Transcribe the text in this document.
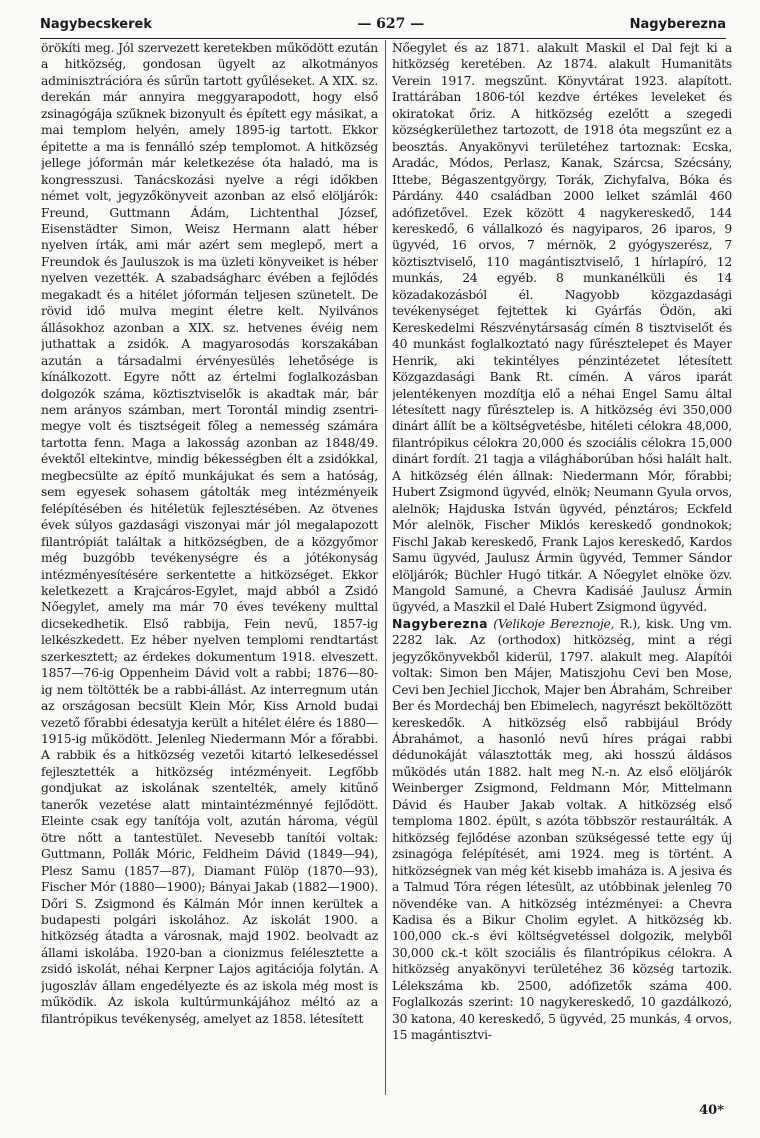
Nagybecskerek	— 627 —	Nagyberezna

örökíti meg. Jól szervezett keretekben működött ezután a hitközség, gondosan ügyelt az alkotmányos adminisztrációra és sűrűn tartott gyűléseket. A XIX. sz. derekán már annyira meggyarapodott, hogy első zsinagógája szűknek bizonyult és épített egy másikat, a mai templom helyén, amely 1895-ig tartott. Ekkor épitette a ma is fennálló szép templomot. A hitközség jellege jóformán már keletkezése óta haladó, ma is kongresszusi. Tanácskozási nyelve a régi időkben német volt, jegyzőkönyveit azonban az első elöljárók: Freund, Guttmann Ádám, Lichtenthal József, Eisenstädter Simon, Weisz Hermann alatt héber nyelven írták, ami már azért sem meglepő, mert a Freundok és Jauluszok is ma üzleti könyveiket is héber nyelven vezették. A szabadságharc évében a fejlődés megakadt és a hitélet jóformán teljesen szünetelt. De rövid idő mulva megint életre kelt. Nyilvános állásokhoz azonban a XIX. sz. hetvenes évéig nem juthattak a zsidók. A magyarosodás korszakában azután a társadalmi érvényesülés lehetősége is kínálkozott. Egyre nőtt az értelmi foglalkozásban dolgozók száma, köztisztviselők is akadtak már, bár nem arányos számban, mert Torontál mindig zsentri-megye volt és tisztségeit főleg a nemesség számára tartotta fenn. Maga a lakosság azonban az 1848/49. évektől eltekintve, mindig békességben élt a zsidókkal, megbecsülte az építő munkájukat és sem a hatóság, sem egyesek sohasem gátolták meg intézményeik felépítésében és hitéletük fejlesztésében. Az ötvenes évek súlyos gazdasági viszonyai már jól megalapozott filantrópiát találtak a hitközségben, de a közgyőmor még buzgóbb tevékenységre és a jótékonyság intézményesítésére serkentette a hitközséget. Ekkor keletkezett a Krajcáros-Egylet, majd abból a Zsidó Nőegylet, amely ma már 70 éves tevékeny multtal dicsekedhetik. Első rabbija, Fein nevű, 1857-ig lelkészkedett. Ez héber nyelven templomi rendtartást szerkesztett; az érdekes dokumentum 1918. elveszett. 1857—76-ig Oppenheim Dávid volt a rabbi; 1876—80-ig nem töltötték be a rabbi-állást. Az interregnum után az országosan becsült Klein Mór, Kiss Arnold budai vezető főrabbi édesatyja került a hitélet élére és 1880—1915-ig működött. Jelenleg Niedermann Mór a főrabbi. A rabbik és a hitközség vezetői kitartó lelkesedéssel fejlesztették a hitközség intézményeit. Legfőbb gondjukat az iskolának szentelték, amely kitűnő tanerők vezetése alatt mintaintézménnyé fejlődött. Eleinte csak egy tanítója volt, azután hároma, végül ötre nőtt a tantestület. Nevesebb tanítói voltak: Guttmann, Pollák Móric, Feldheim Dávid (1849—94), Plesz Samu (1857—87), Diamant Fülöp (1870—93), Fischer Mór (1880—1900); Bányai Jakab (1882—1900). Dőri S. Zsigmond és Kálmán Mór innen kerültek a budapesti polgári iskolához. Az iskolát 1900. a hitközség átadta a városnak, majd 1902. beolvadt az állami iskolába. 1920-ban a cionizmus felélesztette a zsidó iskolát, néhai Kerpner Lajos agitációja folytán. A jugoszláv állam engedélyezte és az iskola még most is működik. Az iskola kultúrmunkájához méltó az a filantrópikus tevékenység, amelyet az 1858. létesített

Nőegylet és az 1871. alakult Maskil el Dal fejt ki a hitközség keretében. Az 1874. alakult Humanitäts Verein 1917. megszűnt. Könyvtárat 1923. alapított. Irattárában 1806-tól kezdve értékes leveleket és okiratokat őriz. A hitközség ezelőtt a szegedi községkerülethez tartozott, de 1918 óta megszűnt ez a beosztás. Anyakönyvi területéhez tartoznak: Ecska, Aradác, Módos, Perlasz, Kanak, Szárcsa, Szécsány, Ittebe, Bégaszentgyörgy, Torák, Zichyfalva, Bóka és Párdány. 440 családban 2000 lelket számlál 460 adófizetővel. Ezek között 4 nagykereskedő, 144 kereskedő, 6 vállalkozó és nagyiparos, 26 iparos, 9 ügyvéd, 16 orvos, 7 mérnök, 2 gyógyszerész, 7 köztisztviselő, 110 magántisztviselő, 1 hírlapíró, 12 munkás, 24 egyéb. 8 munkanélküli és 14 közadakozásból él. Nagyobb közgazdasági tevékenységet fejtettek ki Gyárfás Ödön, aki Kereskedelmi Részvénytársaság címén 8 tisztviselőt és 40 munkást foglalkoztató nagy fűrésztelepet és Mayer Henrik, aki tekintélyes pénzintézetet létesített Közgazdasági Bank Rt. címén. A város iparát jelentékenyen mozdítja elő a néhai Engel Samu által létesített nagy fűrésztelep is. A hitközség évi 350,000 dinárt állít be a költségvetésbe, hitéleti célokra 48,000, filantrópikus célokra 20,000 és szociális célokra 15,000 dinárt fordít. 21 tagja a világháborúban hősi halált halt. A hitközség élén állnak: Niedermann Mór, főrabbi; Hubert Zsigmond ügyvéd, elnök; Neumann Gyula orvos, alelnök; Hajduska István ügyvéd, pénztáros; Eckfeld Mór alelnök, Fischer Miklós kereskedő gondnokok; Fischl Jakab kereskedő, Frank Lajos kereskedő, Kardos Samu ügyvéd, Jaulusz Ármin ügyvéd, Temmer Sándor elöljárók; Büchler Hugó titkár. A Nőegylet elnöke özv. Mangold Samuné, a Chevra Kadisáé Jaulusz Ármin ügyvéd, a Maszkil el Dalé Hubert Zsigmond ügyvéd.

Nagyberezna (Velikoje Bereznoje, R.), kisk. Ung vm. 2282 lak. Az (orthodox) hitközség, mint a régi jegyzőkönyvekből kiderül, 1797. alakult meg. Alapítói voltak: Simon ben Májer, Matiszjohu Cevi ben Mose, Cevi ben Jechiel Jicchok, Majer ben Ábrahám, Schreiber Ber és Mordecháj ben Ebimelech, nagyrészt beköltözött kereskedők. A hitközség első rabbijául Bródy Ábrahámot, a hasonló nevű híres prágai rabbi dédunokáját választották meg, aki hosszú áldásos működés után 1882. halt meg N.-n. Az első elöljárók Weinberger Zsigmond, Feldmann Mór, Mittelmann Dávid és Hauber Jakab voltak. A hitközség első temploma 1802. épült, s azóta többször restaurálták. A hitközség fejlődése azonban szükségessé tette egy új zsinagóga felépítését, ami 1924. meg is történt. A hitközségnek van még két kisebb imaháza is. A jesiva és a Talmud Tóra régen létesült, az utóbbinak jelenleg 70 növendéke van. A hitközség intézményei: a Chevra Kadisa és a Bikur Cholim egylet. A hitközség kb. 100,000 ck.-s évi költségvetéssel dolgozik, melyből 30,000 ck.-t költ szociális és filantrópikus célokra. A hitközség anyakönyvi területéhez 36 község tartozik. Lélekszáma kb. 2500, adófizetők száma 400. Foglalkozás szerint: 10 nagykereskedő, 10 gazdálkozó, 30 katona, 40 kereskedő, 5 ügyvéd, 25 munkás, 4 orvos, 15 magántisztvi-

40*
